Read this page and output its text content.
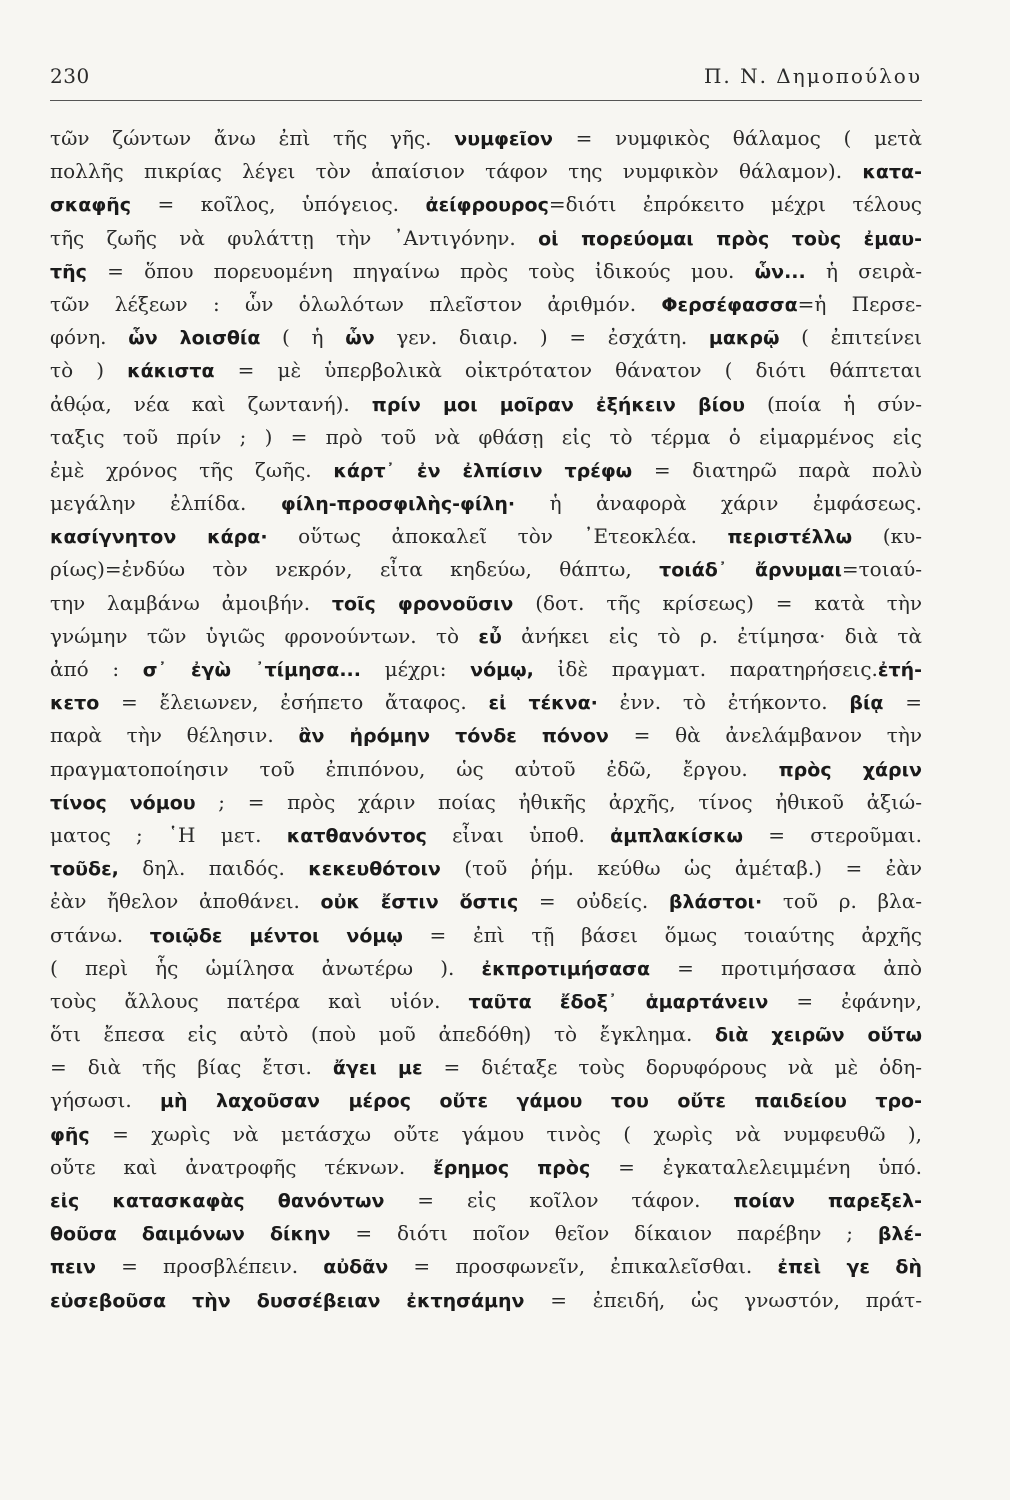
230	Π. Ν. Δημοπούλου
τῶν ζώντων ἄνω ἐπὶ τῆς γῆς. νυμφεῖον = νυμφικὸς θάλαμος ( μετὰ
πολλῆς πικρίας λέγει τὸν ἀπαίσιον τάφον της νυμφικὸν θάλαμον). κατα-
σκαφῆς = κοῖλος, ὑπόγειος. ἀείφρουρος=διότι ἐπρόκειτο μέχρι τέλους
τῆς ζωῆς νὰ φυλάττῃ τὴν ᾽Αντιγόνην. οἱ πορεύομαι πρὸς τοὺς ἐμαυ-
τῆς = ὅπου πορευομένη πηγαίνω πρὸς τοὺς ἰδικούς μου. ὧν... ἡ σειρὰ-
τῶν λέξεων : ὧν ὁλωλότων πλεῖστον ἀριθμόν. Φερσέφασσα=ἡ Περσε-
φόνη. ὧν λοισθία ( ἡ ὧν γεν. διαιρ. ) = ἐσχάτη. μακρῷ ( ἐπιτείνει
τὸ ) κάκιστα = μὲ ὑπερβολικὰ οἰκτρότατον θάνατον ( διότι θάπτεται
ἀθῴα, νέα καὶ ζωντανή). πρίν μοι μοῖραν ἐξήκειν βίου (ποία ἡ σύν-
ταξις τοῦ πρίν ; ) = πρὸ τοῦ νὰ φθάσῃ εἰς τὸ τέρμα ὁ εἱμαρμένος εἰς
ἐμὲ χρόνος τῆς ζωῆς. κάρτ᾽ ἐν ἐλπίσιν τρέφω = διατηρῶ παρὰ πολὺ
μεγάλην ἐλπίδα. φίλη-προσφιλὴς-φίλη· ἡ ἀναφορὰ χάριν ἐμφάσεως.
κασίγνητον κάρα· οὕτως ἀποκαλεῖ τὸν ᾽Ετεοκλέα. περιστέλλω (κυ-
ρίως)=ἐνδύω τὸν νεκρόν, εἶτα κηδεύω, θάπτω, τοιάδ᾽ ἄρνυμαι=τοιαύ-
την λαμβάνω ἀμοιβήν. τοῖς φρονοῦσιν (δοτ. τῆς κρίσεως) = κατὰ τὴν
γνώμην τῶν ὑγιῶς φρονούντων. τὸ εὖ ἀνήκει εἰς τὸ ρ. ἐτίμησα· διὰ τὰ
ἀπό : σ᾽ ἐγὼ ᾽τίμησα... μέχρι: νόμῳ, ἰδὲ πραγματ. παρατηρήσεις.ἐτή-
κετο = ἔλειωνεν, ἐσήπετο ἄταφος. εἰ τέκνα· ἐνν. τὸ ἐτήκοντο. βίᾳ =
παρὰ τὴν θέλησιν. ἂν ἠρόμην τόνδε πόνον = θὰ ἀνελάμβανον τὴν
πραγματοποίησιν τοῦ ἐπιπόνου, ὡς αὐτοῦ ἐδῶ, ἔργου. πρὸς χάριν
τίνος νόμου ; = πρὸς χάριν ποίας ἠθικῆς ἀρχῆς, τίνος ἠθικοῦ ἀξιώ-
ματος ; ῾Η μετ. κατθανόντος εἶναι ὑποθ. ἀμπλακίσκω = στεροῦμαι.
τοῦδε, δηλ. παιδός. κεκευθότοιν (τοῦ ῥήμ. κεύθω ὡς ἀμέταβ.) = ἐὰν
ἐὰν ἤθελον ἀποθάνει. οὐκ ἔστιν ὅστις = οὐδείς. βλάστοι· τοῦ ρ. βλα-
στάνω. τοιῷδε μέντοι νόμῳ = ἐπὶ τῇ βάσει ὅμως τοιαύτης ἀρχῆς
( περὶ ἧς ὡμίλησα ἀνωτέρω ). ἐκπροτιμήσασα = προτιμήσασα ἀπὸ
τοὺς ἄλλους πατέρα καὶ υἱόν. ταῦτα ἔδοξ᾽ ἁμαρτάνειν = ἐφάνην,
ὅτι ἔπεσα εἰς αὐτὸ (ποὺ μοῦ ἀπεδόθη) τὸ ἔγκλημα. διὰ χειρῶν οὕτω
= διὰ τῆς βίας ἔτσι. ἄγει με = διέταξε τοὺς δορυφόρους νὰ μὲ ὁδη-
γήσωσι. μὴ λαχοῦσαν μέρος οὔτε γάμου του οὔτε παιδείου τρο-
φῆς = χωρὶς νὰ μετάσχω οὔτε γάμου τινὸς ( χωρὶς νὰ νυμφευθῶ ),
οὔτε καὶ ἀνατροφῆς τέκνων. ἔρημος πρὸς = ἐγκαταλελειμμένη ὑπό.
εἰς κατασκαφὰς θανόντων = εἰς κοῖλον τάφον. ποίαν παρεξελ-
θοῦσα δαιμόνων δίκην = διότι ποῖον θεῖον δίκαιον παρέβην ; βλέ-
πειν = προσβλέπειν. αὐδᾶν = προσφωνεῖν, ἐπικαλεῖσθαι. ἐπεὶ γε δὴ
εὐσεβοῦσα τὴν δυσσέβειαν ἐκτησάμην = ἐπειδή, ὡς γνωστόν, πράτ-
